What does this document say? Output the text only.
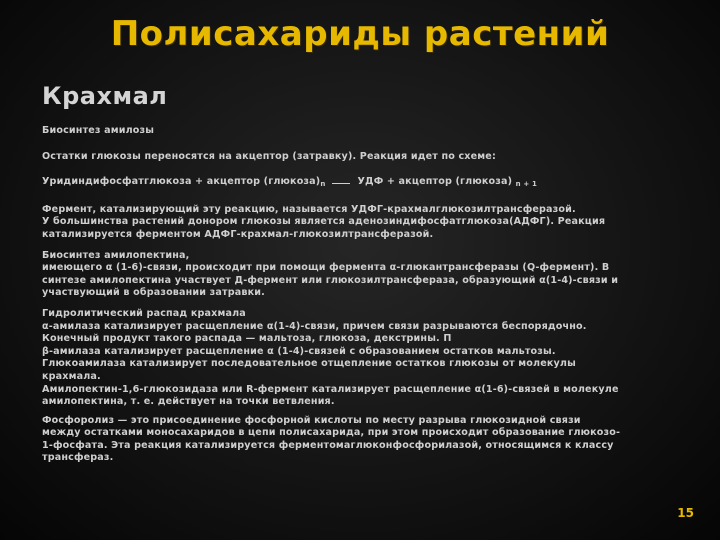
Полисахариды растений
Крахмал
Биосинтез амилозы
Остатки глюкозы переносятся на акцептор (затравку). Реакция идет по схеме:
Уридиндифосфатглюкоза + акцептор $(глюкоза)_n$	УДФ + акцептор (глюкоза) $_{n + 1}$
Фермент, катализирующий эту реакцию, называется УДФГ-крахмалглюкозилтрансферазой.
У большинства растений донором глюкозы является аденозиндифосфатглюкоза(АДФГ). Реакция
катализируется ферментом АДФГ-крахмал-глюкозилтрансферазой.
Биосинтез амилопектина,
имеющего α (1-6)-связи, происходит при помощи фермента α-глюкантрансферазы (Q-фермент). В
синтезе амилопектина участвует Д-фермент или глюкозилтрансфераза, образующий α(1-4)-связи и
участвующий в образовании затравки.
Гидролитический распад крахмала
α-амилаза катализирует расщепление α(1-4)-связи, причем связи разрываются беспорядочно.
Конечный продукт такого распада — мальтоза, глюкоза, декстрины. П
β-амилаза катализирует расщепление α (1-4)-связей с образованием остатков мальтозы.
Глюкоамилаза катализирует последовательное отщепление остатков глюкозы от молекулы
крахмала.
Амилопектин-1,6-глюкозидаза или R-фермент катализирует расщепление α(1-6)-связей в молекуле
амилопектина, т. е. действует на точки ветвления.
Фосфоролиз — это присоединение фосфорной кислоты по месту разрыва глюкозидной связи
между остатками моносахаридов в цепи полисахарида, при этом происходит образование глюкозо-
1-фосфата. Эта реакция катализируется ферментомаглюконфосфорилазой, относящимся к классу
трансфераз.
15
